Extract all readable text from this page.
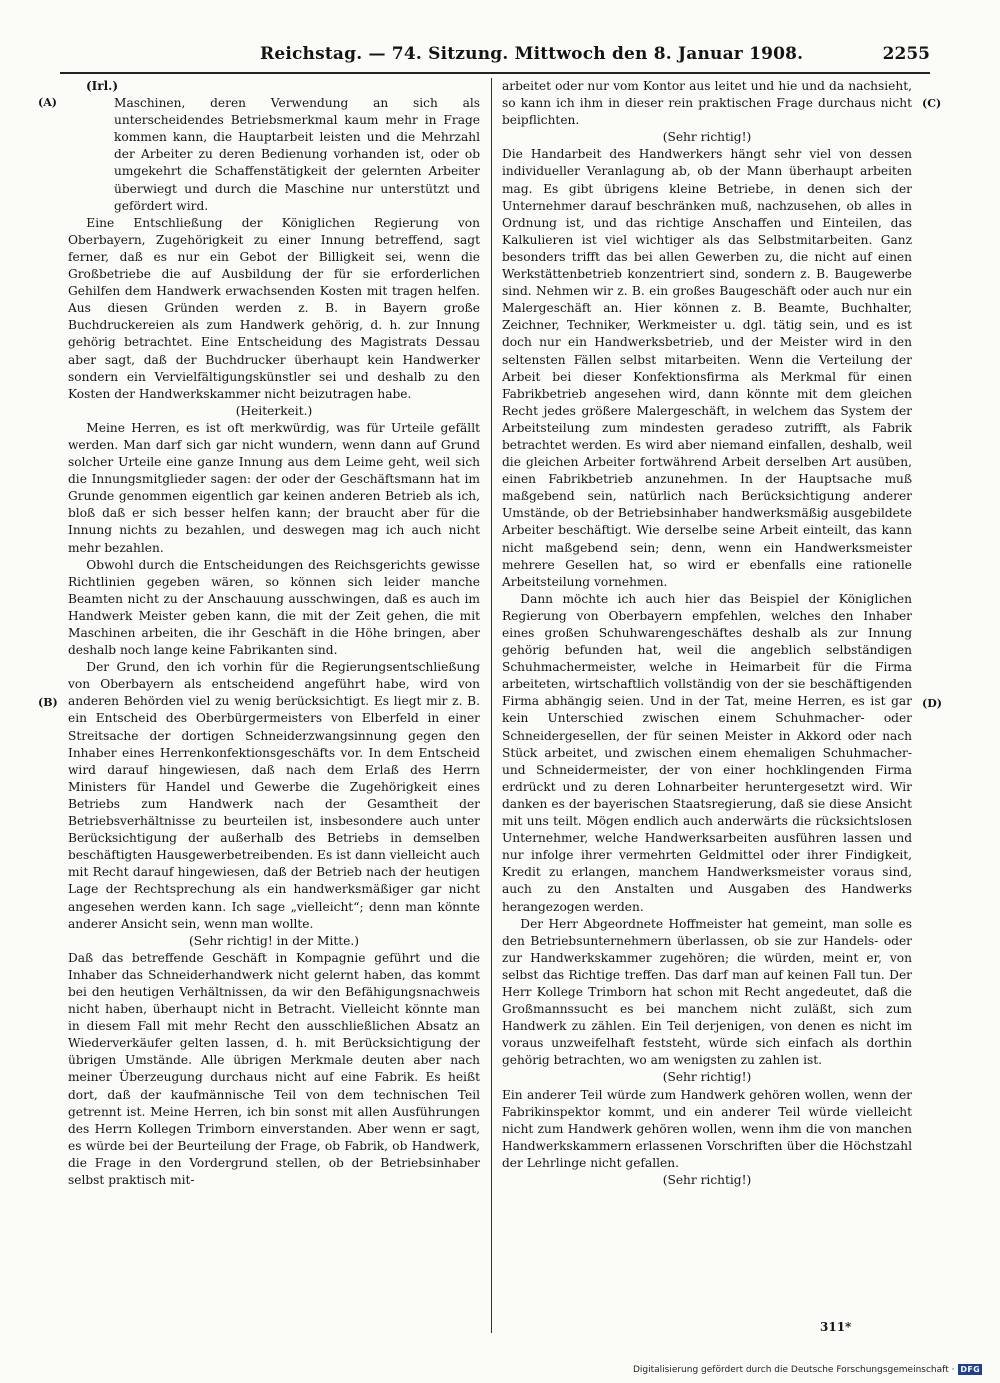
Reichstag. — 74. Sitzung. Mittwoch den 8. Januar 1908.	2255
(A)
(B)
(C)
(D)

(Irl.)

Maschinen, deren Verwendung an sich als unterscheidendes Betriebsmerkmal kaum mehr in Frage kommen kann, die Hauptarbeit leisten und die Mehrzahl der Arbeiter zu deren Bedienung vorhanden ist, oder ob umgekehrt die Schaffenstätigkeit der gelernten Arbeiter überwiegt und durch die Maschine nur unterstützt und gefördert wird.

Eine Entschließung der Königlichen Regierung von Oberbayern, Zugehörigkeit zu einer Innung betreffend, sagt ferner, daß es nur ein Gebot der Billigkeit sei, wenn die Großbetriebe die auf Ausbildung der für sie erforderlichen Gehilfen dem Handwerk erwachsenden Kosten mit tragen helfen. Aus diesen Gründen werden z. B. in Bayern große Buchdruckereien als zum Handwerk gehörig, d. h. zur Innung gehörig betrachtet. Eine Entscheidung des Magistrats Dessau aber sagt, daß der Buchdrucker überhaupt kein Handwerker sondern ein Vervielfältigungskünstler sei und deshalb zu den Kosten der Handwerkskammer nicht beizutragen habe.

(Heiterkeit.)

Meine Herren, es ist oft merkwürdig, was für Urteile gefällt werden. Man darf sich gar nicht wundern, wenn dann auf Grund solcher Urteile eine ganze Innung aus dem Leime geht, weil sich die Innungsmitglieder sagen: der oder der Geschäftsmann hat im Grunde genommen eigentlich gar keinen anderen Betrieb als ich, bloß daß er sich besser helfen kann; der braucht aber für die Innung nichts zu bezahlen, und deswegen mag ich auch nicht mehr bezahlen.

Obwohl durch die Entscheidungen des Reichsgerichts gewisse Richtlinien gegeben wären, so können sich leider manche Beamten nicht zu der Anschauung ausschwingen, daß es auch im Handwerk Meister geben kann, die mit der Zeit gehen, die mit Maschinen arbeiten, die ihr Geschäft in die Höhe bringen, aber deshalb noch lange keine Fabrikanten sind.

Der Grund, den ich vorhin für die Regierungsentschließung von Oberbayern als entscheidend angeführt habe, wird von anderen Behörden viel zu wenig berücksichtigt. Es liegt mir z. B. ein Entscheid des Oberbürgermeisters von Elberfeld in einer Streitsache der dortigen Schneiderzwangsinnung gegen den Inhaber eines Herrenkonfektionsgeschäfts vor. In dem Entscheid wird darauf hingewiesen, daß nach dem Erlaß des Herrn Ministers für Handel und Gewerbe die Zugehörigkeit eines Betriebs zum Handwerk nach der Gesamtheit der Betriebsverhältnisse zu beurteilen ist, insbesondere auch unter Berücksichtigung der außerhalb des Betriebs in demselben beschäftigten Hausgewerbetreibenden. Es ist dann vielleicht auch mit Recht darauf hingewiesen, daß der Betrieb nach der heutigen Lage der Rechtsprechung als ein handwerksmäßiger gar nicht angesehen werden kann. Ich sage „vielleicht“; denn man könnte anderer Ansicht sein, wenn man wollte.

(Sehr richtig! in der Mitte.)

Daß das betreffende Geschäft in Kompagnie geführt und die Inhaber das Schneiderhandwerk nicht gelernt haben, das kommt bei den heutigen Verhältnissen, da wir den Befähigungsnachweis nicht haben, überhaupt nicht in Betracht. Vielleicht könnte man in diesem Fall mit mehr Recht den ausschließlichen Absatz an Wiederverkäufer gelten lassen, d. h. mit Berücksichtigung der übrigen Umstände. Alle übrigen Merkmale deuten aber nach meiner Überzeugung durchaus nicht auf eine Fabrik. Es heißt dort, daß der kaufmännische Teil von dem technischen Teil getrennt ist. Meine Herren, ich bin sonst mit allen Ausführungen des Herrn Kollegen Trimborn einverstanden. Aber wenn er sagt, es würde bei der Beurteilung der Frage, ob Fabrik, ob Handwerk, die Frage in den Vordergrund stellen, ob der Betriebsinhaber selbst praktisch mit-

arbeitet oder nur vom Kontor aus leitet und hie und da nachsieht, so kann ich ihm in dieser rein praktischen Frage durchaus nicht beipflichten.

(Sehr richtig!)

Die Handarbeit des Handwerkers hängt sehr viel von dessen individueller Veranlagung ab, ob der Mann überhaupt arbeiten mag. Es gibt übrigens kleine Betriebe, in denen sich der Unternehmer darauf beschränken muß, nachzusehen, ob alles in Ordnung ist, und das richtige Anschaffen und Einteilen, das Kalkulieren ist viel wichtiger als das Selbstmitarbeiten. Ganz besonders trifft das bei allen Gewerben zu, die nicht auf einen Werkstättenbetrieb konzentriert sind, sondern z. B. Baugewerbe sind. Nehmen wir z. B. ein großes Baugeschäft oder auch nur ein Malergeschäft an. Hier können z. B. Beamte, Buchhalter, Zeichner, Techniker, Werkmeister u. dgl. tätig sein, und es ist doch nur ein Handwerksbetrieb, und der Meister wird in den seltensten Fällen selbst mitarbeiten. Wenn die Verteilung der Arbeit bei dieser Konfektionsfirma als Merkmal für einen Fabrikbetrieb angesehen wird, dann könnte mit dem gleichen Recht jedes größere Malergeschäft, in welchem das System der Arbeitsteilung zum mindesten geradeso zutrifft, als Fabrik betrachtet werden. Es wird aber niemand einfallen, deshalb, weil die gleichen Arbeiter fortwährend Arbeit derselben Art ausüben, einen Fabrikbetrieb anzunehmen. In der Hauptsache muß maßgebend sein, natürlich nach Berücksichtigung anderer Umstände, ob der Betriebsinhaber handwerksmäßig ausgebildete Arbeiter beschäftigt. Wie derselbe seine Arbeit einteilt, das kann nicht maßgebend sein; denn, wenn ein Handwerksmeister mehrere Gesellen hat, so wird er ebenfalls eine rationelle Arbeitsteilung vornehmen.

Dann möchte ich auch hier das Beispiel der Königlichen Regierung von Oberbayern empfehlen, welches den Inhaber eines großen Schuhwarengeschäftes deshalb als zur Innung gehörig befunden hat, weil die angeblich selbständigen Schuhmachermeister, welche in Heimarbeit für die Firma arbeiteten, wirtschaftlich vollständig von der sie beschäftigenden Firma abhängig seien. Und in der Tat, meine Herren, es ist gar kein Unterschied zwischen einem Schuhmacher- oder Schneidergesellen, der für seinen Meister in Akkord oder nach Stück arbeitet, und zwischen einem ehemaligen Schuhmacher- und Schneidermeister, der von einer hochklingenden Firma erdrückt und zu deren Lohnarbeiter heruntergesetzt wird. Wir danken es der bayerischen Staatsregierung, daß sie diese Ansicht mit uns teilt. Mögen endlich auch anderwärts die rücksichtslosen Unternehmer, welche Handwerksarbeiten ausführen lassen und nur infolge ihrer vermehrten Geldmittel oder ihrer Findigkeit, Kredit zu erlangen, manchem Handwerksmeister voraus sind, auch zu den Anstalten und Ausgaben des Handwerks herangezogen werden.

Der Herr Abgeordnete Hoffmeister hat gemeint, man solle es den Betriebsunternehmern überlassen, ob sie zur Handels- oder zur Handwerkskammer zugehören; die würden, meint er, von selbst das Richtige treffen. Das darf man auf keinen Fall tun. Der Herr Kollege Trimborn hat schon mit Recht angedeutet, daß die Großmannssucht es bei manchem nicht zuläßt, sich zum Handwerk zu zählen. Ein Teil derjenigen, von denen es nicht im voraus unzweifelhaft feststeht, würde sich einfach als dorthin gehörig betrachten, wo am wenigsten zu zahlen ist.

(Sehr richtig!)

Ein anderer Teil würde zum Handwerk gehören wollen, wenn der Fabrikinspektor kommt, und ein anderer Teil würde vielleicht nicht zum Handwerk gehören wollen, wenn ihm die von manchen Handwerkskammern erlassenen Vorschriften über die Höchstzahl der Lehrlinge nicht gefallen.

(Sehr richtig!)

311*
Digitalisierung gefördert durch die Deutsche Forschungsgemeinschaft · DFG
